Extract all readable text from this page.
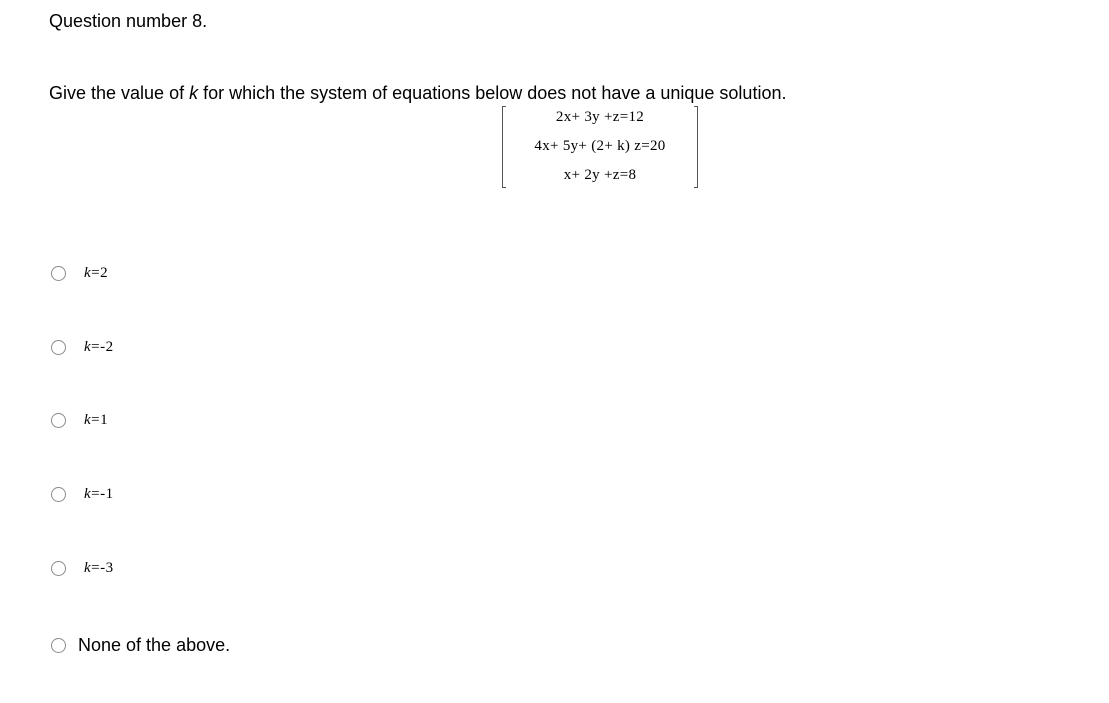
Question number 8.
Give the value of k for which the system of equations below does not have a unique solution.
2x+ 3y +z=12
4x+ 5y+ (2+ k) z=20
x+ 2y +z=8
k=2
k=-2
k=1
k=-1
k=-3
None of the above.
